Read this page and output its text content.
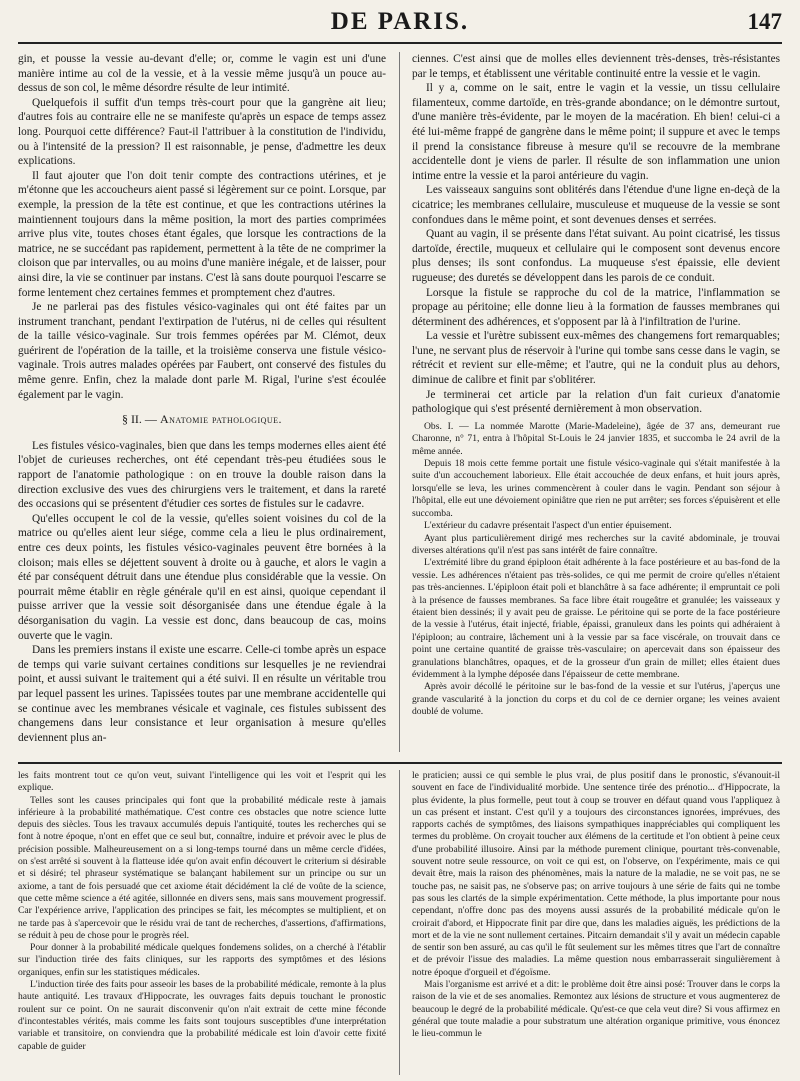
DE PARIS.	147

gin, et pousse la vessie au-devant d'elle; or, comme le vagin est uni d'une manière intime au col de la vessie, et à la vessie même jusqu'à un pouce au-dessus de son col, le même désordre résulte de leur intimité.

Quelquefois il suffit d'un temps très-court pour que la gangrène ait lieu; d'autres fois au contraire elle ne se manifeste qu'après un espace de temps assez long. Pourquoi cette différence? Faut-il l'attribuer à la constitution de l'individu, ou à l'intensité de la pression? Il est raisonnable, je pense, d'admettre les deux explications.

Il faut ajouter que l'on doit tenir compte des contractions utérines, et je m'étonne que les accoucheurs aient passé si légèrement sur ce point. Lorsque, par exemple, la pression de la tête est continue, et que les contractions utérines la maintiennent toujours dans la même position, la mort des parties comprimées arrive plus vite, toutes choses étant égales, que lorsque les contractions de la matrice, ne se succédant pas rapidement, permettent à la tête de ne comprimer la cloison que par intervalles, ou au moins d'une manière inégale, et de laisser, pour ainsi dire, la vie se continuer par instans. C'est là sans doute pourquoi l'escarre se forme lentement chez certaines femmes et promptement chez d'autres.

Je ne parlerai pas des fistules vésico-vaginales qui ont été faites par un instrument tranchant, pendant l'extirpation de l'utérus, ni de celles qui résultent de la taille vésico-vaginale. Sur trois femmes opérées par M. Clémot, deux guérirent de l'opération de la taille, et la troisième conserva une fistule vésico-vaginale. Trois autres malades opérées par Faubert, ont conservé des fistules du même genre. Enfin, chez la malade dont parle M. Rigal, l'urine s'est écoulée également par le vagin.

§ II. — Anatomie pathologique.

Les fistules vésico-vaginales, bien que dans les temps modernes elles aient été l'objet de curieuses recherches, ont été cependant très-peu étudiées sous le rapport de l'anatomie pathologique : on en trouve la double raison dans la direction exclusive des vues des chirurgiens vers le traitement, et dans la rareté des occasions qui se présentent d'étudier ces sortes de fistules sur le cadavre.

Qu'elles occupent le col de la vessie, qu'elles soient voisines du col de la matrice ou qu'elles aient leur siége, comme cela a lieu le plus ordinairement, entre ces deux points, les fistules vésico-vaginales peuvent être bornées à la cloison; mais elles se déjettent souvent à droite ou à gauche, et alors le vagin a été par conséquent détruit dans une étendue plus considérable que la vessie. On pourrait même établir en règle générale qu'il en est ainsi, quoique cependant il puisse arriver que la vessie soit désorganisée dans une étendue égale à la désorganisation du vagin. La vessie est donc, dans beaucoup de cas, moins ouverte que le vagin.

Dans les premiers instans il existe une escarre. Celle-ci tombe après un espace de temps qui varie suivant certaines conditions sur lesquelles je ne reviendrai point, et aussi suivant le traitement qui a été suivi. Il en résulte un véritable trou par lequel passent les urines. Tapissées toutes par une membrane accidentelle qui se continue avec les membranes vésicale et vaginale, ces fistules subissent des changemens dans leur consistance et leur organisation à mesure qu'elles deviennent plus an-

ciennes. C'est ainsi que de molles elles deviennent très-denses, très-résistantes par le temps, et établissent une véritable continuité entre la vessie et le vagin.

Il y a, comme on le sait, entre le vagin et la vessie, un tissu cellulaire filamenteux, comme dartoïde, en très-grande abondance; on le démontre surtout, d'une manière très-évidente, par le moyen de la macération. Eh bien! celui-ci a été lui-même frappé de gangrène dans le même point; il suppure et avec le temps il prend la consistance fibreuse à mesure qu'il se recouvre de la membrane accidentelle dont je viens de parler. Il résulte de son inflammation une union intime entre la vessie et la paroi antérieure du vagin.

Les vaisseaux sanguins sont oblitérés dans l'étendue d'une ligne en-deçà de la cicatrice; les membranes cellulaire, musculeuse et muqueuse de la vessie se sont confondues dans le même point, et sont devenues denses et serrées.

Quant au vagin, il se présente dans l'état suivant. Au point cicatrisé, les tissus dartoïde, érectile, muqueux et cellulaire qui le composent sont devenus encore plus denses; ils sont confondus. La muqueuse s'est épaissie, elle devient rugueuse; des duretés se développent dans les parois de ce conduit.

Lorsque la fistule se rapproche du col de la matrice, l'inflammation se propage au péritoine; elle donne lieu à la formation de fausses membranes qui déterminent des adhérences, et s'opposent par là à l'infiltration de l'urine.

La vessie et l'urètre subissent eux-mêmes des changemens fort remarquables; l'une, ne servant plus de réservoir à l'urine qui tombe sans cesse dans le vagin, se rétrécit et revient sur elle-même; et l'autre, qui ne la conduit plus au dehors, diminue de calibre et finit par s'oblitérer.

Je terminerai cet article par la relation d'un fait curieux d'anatomie pathologique qui s'est présenté dernièrement à mon observation.

Obs. I. — La nommée Marotte (Marie-Madeleine), âgée de 37 ans, demeurant rue Charonne, n° 71, entra à l'hôpital St-Louis le 24 janvier 1835, et succomba le 24 avril de la même année.

Depuis 18 mois cette femme portait une fistule vésico-vaginale qui s'était manifestée à la suite d'un accouchement laborieux. Elle était accouchée de deux enfans, et huit jours après, lorsqu'elle se leva, les urines commencèrent à couler dans le vagin. Pendant son séjour à l'hôpital, elle eut une dévoiement opiniâtre que rien ne put arrêter; ses forces s'épuisèrent et elle succomba.

L'extérieur du cadavre présentait l'aspect d'un entier épuisement.

Ayant plus particulièrement dirigé mes recherches sur la cavité abdominale, je trouvai diverses altérations qu'il n'est pas sans intérêt de faire connaître.

L'extrémité libre du grand épiploon était adhérente à la face postérieure et au bas-fond de la vessie. Les adhérences n'étaient pas très-solides, ce qui me permit de croire qu'elles n'étaient pas très-anciennes. L'épiploon était poli et blanchâtre à sa face adhérente; il empruntait ce poli à la présence de fausses membranes. Sa face libre était rougeâtre et granulée; les vaisseaux y étaient bien dessinés; il y avait peu de graisse. Le péritoine qui se porte de la face postérieure de la vessie à l'utérus, était injecté, friable, épaissi, granuleux dans les points qui adhéraient à l'épiploon; au contraire, lâchement uni à la vessie par sa face viscérale, on trouvait dans ce point une certaine quantité de graisse très-vasculaire; on apercevait dans son épaisseur des granulations blanchâtres, opaques, et de la grosseur d'un grain de millet; elles étaient dues évidemment à la lymphe déposée dans l'épaisseur de cette membrane.

Après avoir décollé le péritoine sur le bas-fond de la vessie et sur l'utérus, j'aperçus une grande vascularité à la jonction du corps et du col de ce dernier organe; les veines avaient doublé de volume.

les faits montrent tout ce qu'on veut, suivant l'intelligence qui les voit et l'esprit qui les explique.

Telles sont les causes principales qui font que la probabilité médicale reste à jamais inférieure à la probabilité mathématique. C'est contre ces obstacles que notre science lutte depuis des siècles. Tous les travaux accumulés depuis l'antiquité, toutes les recherches qui se font à notre époque, n'ont en effet que ce seul but, connaître, induire et prévoir avec le plus de précision possible. Malheureusement on a si long-temps tourné dans un même cercle d'idées, on s'est arrêté si souvent à la flatteuse idée qu'on avait enfin découvert le criterium si désirable et si désiré; tel phraseur systématique se balançant habilement sur un principe ou sur un axiome, a tant de fois persuadé que cet axiome était décidément la clé de voûte de la science, que cette même science a été agitée, sillonnée en divers sens, mais sans mouvement progressif. Car l'expérience arrive, l'application des principes se fait, les mécomptes se multiplient, et on ne tarde pas à s'apercevoir que le résidu vrai de tant de recherches, d'assertions, d'affirmations, se réduit à peu de chose pour le progrès réel.

Pour donner à la probabilité médicale quelques fondemens solides, on a cherché à l'établir sur l'induction tirée des faits cliniques, sur les rapports des symptômes et des lésions organiques, enfin sur les statistiques médicales.

L'induction tirée des faits pour asseoir les bases de la probabilité médicale, remonte à la plus haute antiquité. Les travaux d'Hippocrate, les ouvrages faits depuis touchant le pronostic roulent sur ce point. On ne saurait disconvenir qu'on n'ait extrait de cette mine féconde d'incontestables vérités, mais comme les faits sont toujours susceptibles d'une interprétation variable et transitoire, on conviendra que la probabilité médicale est loin d'avoir cette fixité capable de guider

le praticien; aussi ce qui semble le plus vrai, de plus positif dans le pronostic, s'évanouit-il souvent en face de l'individualité morbide. Une sentence tirée des prénotio... d'Hippocrate, la plus évidente, la plus formelle, peut tout à coup se trouver en défaut quand vous l'appliquez à un cas présent et instant. C'est qu'il y a toujours des circonstances ignorées, imprévues, des rapports cachés de symptômes, des liaisons sympathiques inappréciables qui compliquent les termes du problème. On croyait toucher aux élémens de la certitude et l'on obtient à peine ceux d'une probabilité illusoire. Ainsi par la méthode purement clinique, pourtant très-convenable, souvent notre seule ressource, on voit ce qui est, on l'observe, on l'expérimente, mais ce qui devait être, mais la raison des phénomènes, mais la nature de la maladie, ne se voit pas, ne se touche pas, ne saisit pas, ne s'observe pas; on arrive toujours à une série de faits qui ne tombe pas sous les clartés de la simple expérimentation. Cette méthode, la plus importante pour nous cependant, n'offre donc pas des moyens aussi assurés de la probabilité médicale qu'on le croirait d'abord, et Hippocrate finit par dire que, dans les maladies aiguës, les prédictions de la mort et de la vie ne sont nullement certaines. Pitcairn demandait s'il y avait un médecin capable de sentir son ben assuré, au cas qu'il le fût seulement sur les mêmes titres que l'art de connaître et de prévoir l'issue des maladies. La même question nous embarrasserait singulièrement à notre époque d'orgueil et d'égoïsme.

Mais l'organisme est arrivé et a dit: le problème doit être ainsi posé: Trouver dans le corps la raison de la vie et de ses anomalies. Remontez aux lésions de structure et vous augmenterez de beaucoup le degré de la probabilité médicale. Qu'est-ce que cela veut dire? Si vous affirmez en général que toute maladie a pour substratum une altération organique primitive, vous énoncez le lieu-commun le
